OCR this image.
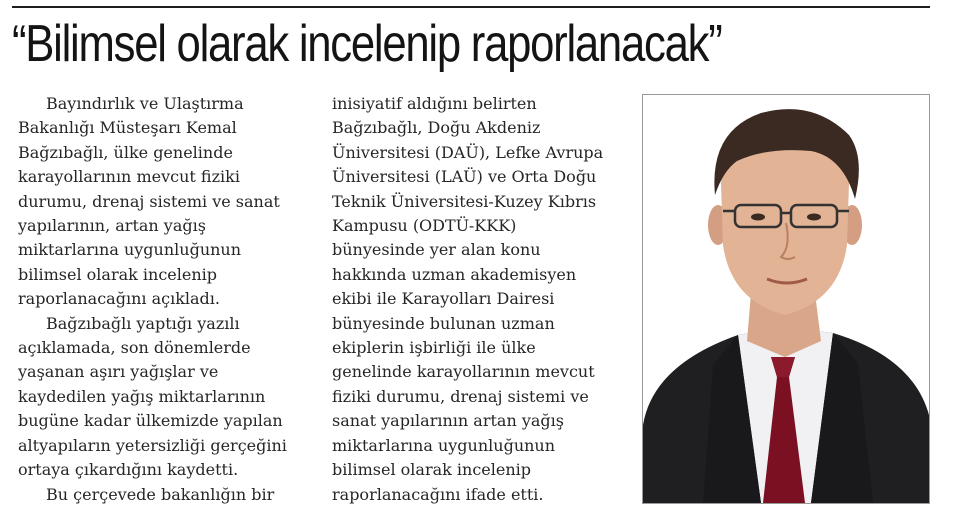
“Bilimsel olarak incelenip raporlanacak”
Bayındırlık ve Ulaştırma
Bakanlığı Müsteşarı Kemal
Bağzıbağlı, ülke genelinde
karayollarının mevcut fiziki
durumu, drenaj sistemi ve sanat
yapılarının, artan yağış
miktarlarına uygunluğunun
bilimsel olarak incelenip
raporlanacağını açıkladı.
Bağzıbağlı yaptığı yazılı
açıklamada, son dönemlerde
yaşanan aşırı yağışlar ve
kaydedilen yağış miktarlarının
bugüne kadar ülkemizde yapılan
altyapıların yetersizliği gerçeğini
ortaya çıkardığını kaydetti.
Bu çerçevede bakanlığın bir
inisiyatif aldığını belirten
Bağzıbağlı, Doğu Akdeniz
Üniversitesi (DAÜ), Lefke Avrupa
Üniversitesi (LAÜ) ve Orta Doğu
Teknik Üniversitesi-Kuzey Kıbrıs
Kampusu (ODTÜ-KKK)
bünyesinde yer alan konu
hakkında uzman akademisyen
ekibi ile Karayolları Dairesi
bünyesinde bulunan uzman
ekiplerin işbirliği ile ülke
genelinde karayollarının mevcut
fiziki durumu, drenaj sistemi ve
sanat yapılarının artan yağış
miktarlarına uygunluğunun
bilimsel olarak incelenip
raporlanacağını ifade etti.
